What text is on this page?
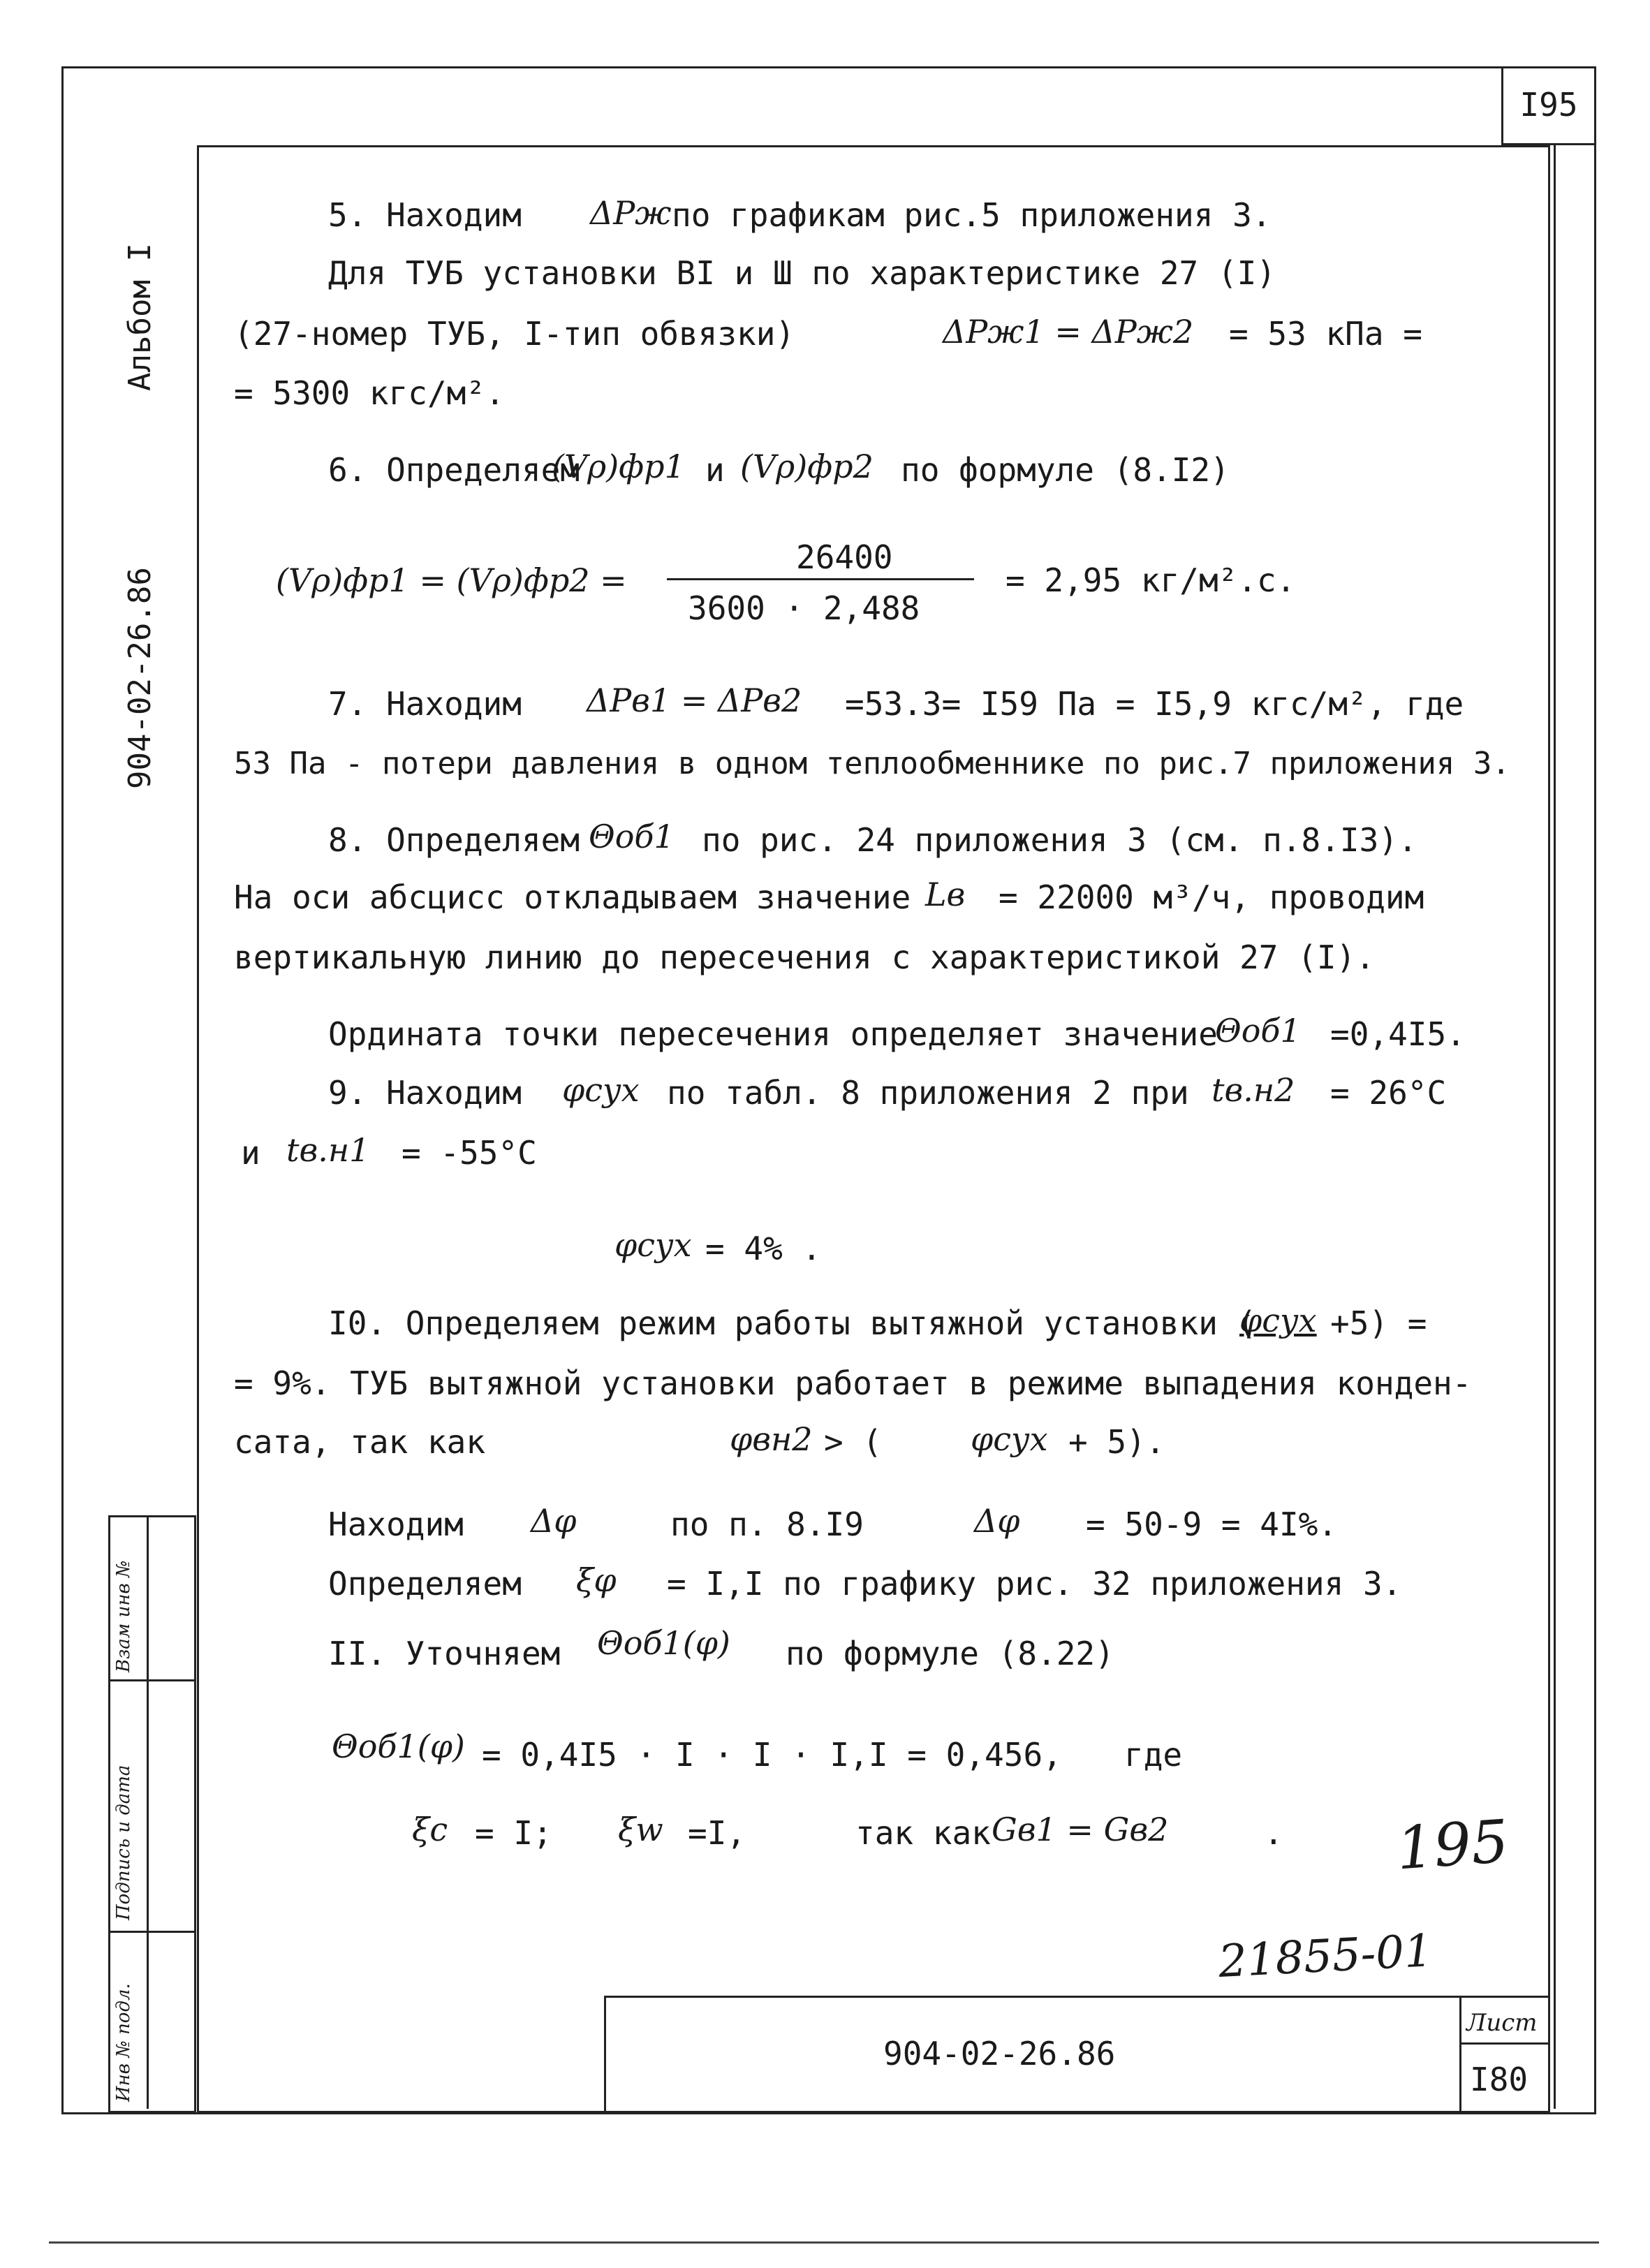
I95
Альбом I
904-02-26.86
Инв № подл.
Подпись и дата
Взам инв №
5. Находим ΔPж по графикам рис.5 приложения 3.
Для ТУБ установки ВI и Ш по характеристике 27 (I)
(27-номер ТУБ, I-тип обвязки)	ΔPж1 = ΔPж2 = 53 кПа =
= 5300 кгс/м².
6. Определяем
(Vρ)фр1 и (Vρ)фр2 по формуле (8.I2)
(Vρ)фр1 = (Vρ)фр2 =
26400
3600 · 2,488
= 2,95 кг/м².с.
7. Находим ΔPв1 = ΔPв2 =53.3= I59 Па = I5,9 кгс/м², где
53 Па - потери давления в одном теплообменнике по рис.7 приложения 3.
8. Определяем Θоб1 по рис. 24 приложения 3 (см. п.8.I3).
На оси абсцисс откладываем значение Lв = 22000 м³/ч, проводим
вертикальную линию до пересечения с характеристикой 27 (I).
Ордината точки пересечения определяет значение
Θоб1 =0,4I5.
9. Находим φсух по табл. 8 приложения 2 при tв.н2 = 26°С
и tв.н1 = -55°С
φсух = 4% .
I0. Определяем режим работы вытяжной установки (
φсух +5) =
= 9%. ТУБ вытяжной установки работает в режиме выпадения конден-
сата, так как	φвн2 > (	φсух + 5).
Находим Δφ	по п. 8.I9	Δφ = 50-9 = 4I%.
Определяем ξφ = I,I по графику рис. 32 приложения 3.
II. Уточняем Θоб1(φ) по формуле (8.22)
Θоб1(φ) = 0,4I5 · I · I · I,I = 0,456, где
ξс = I; ξw =I,	так как Gв1 = Gв2	. 195
21855-01
904-02-26.86
Лист
I80
